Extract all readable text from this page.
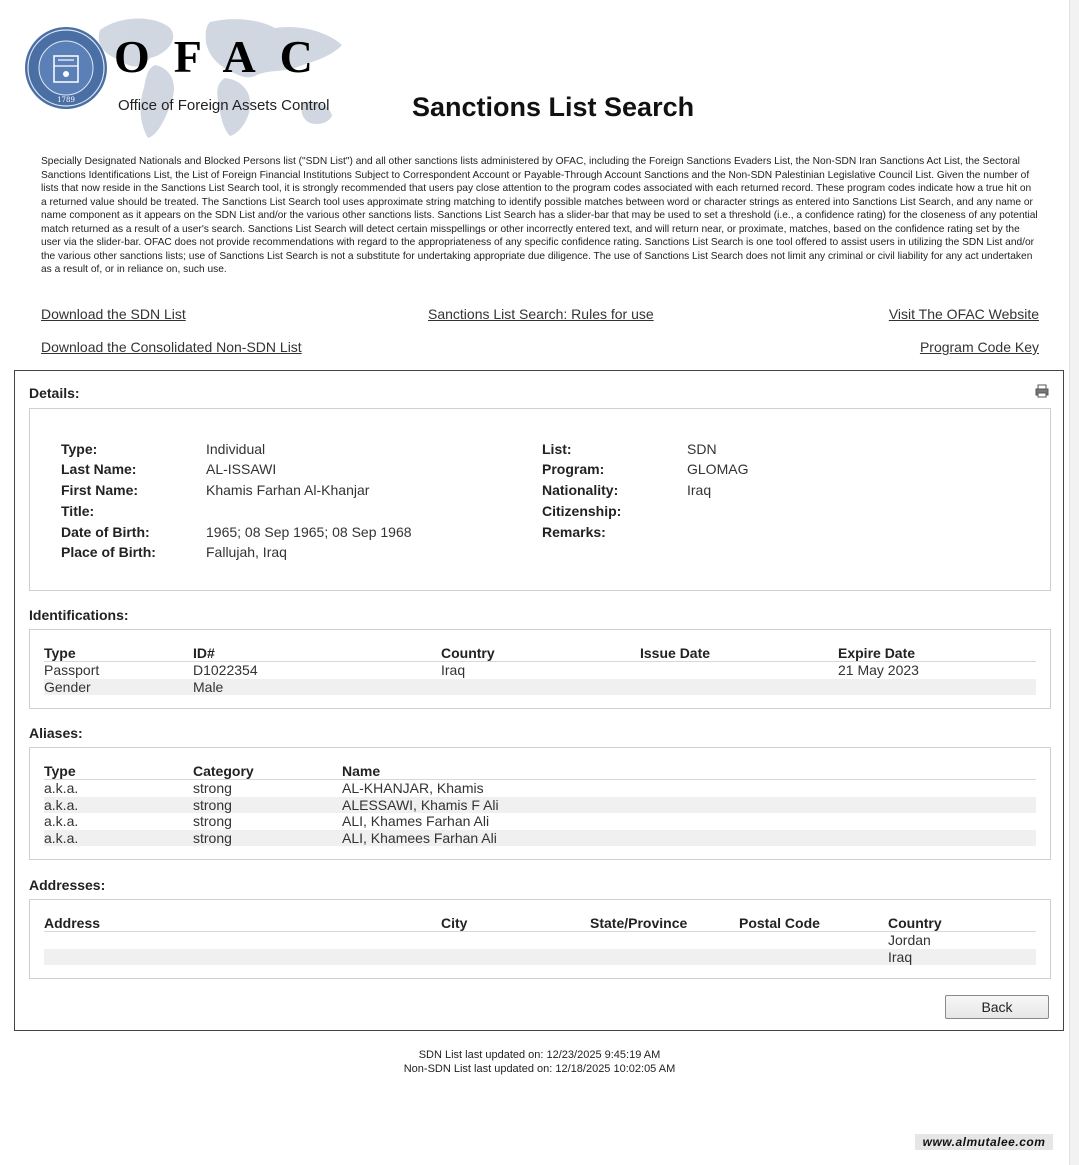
1789
OFAC
Office of Foreign Assets Control	Sanctions List Search
Specially Designated Nationals and Blocked Persons list ("SDN List") and all other sanctions lists administered by OFAC, including the Foreign Sanctions Evaders List, the Non-SDN Iran Sanctions Act List, the Sectoral Sanctions Identifications List, the List of Foreign Financial Institutions Subject to Correspondent Account or Payable-Through Account Sanctions and the Non-SDN Palestinian Legislative Council List. Given the number of lists that now reside in the Sanctions List Search tool, it is strongly recommended that users pay close attention to the program codes associated with each returned record. These program codes indicate how a true hit on a returned value should be treated. The Sanctions List Search tool uses approximate string matching to identify possible matches between word or character strings as entered into Sanctions List Search, and any name or name component as it appears on the SDN List and/or the various other sanctions lists. Sanctions List Search has a slider-bar that may be used to set a threshold (i.e., a confidence rating) for the closeness of any potential match returned as a result of a user's search. Sanctions List Search will detect certain misspellings or other incorrectly entered text, and will return near, or proximate, matches, based on the confidence rating set by the user via the slider-bar. OFAC does not provide recommendations with regard to the appropriateness of any specific confidence rating. Sanctions List Search is one tool offered to assist users in utilizing the SDN List and/or the various other sanctions lists; use of Sanctions List Search is not a substitute for undertaking appropriate due diligence. The use of Sanctions List Search does not limit any criminal or civil liability for any act undertaken as a result of, or in reliance on, such use.
Download the SDN List	Sanctions List Search: Rules for use	Visit The OFAC Website
Download the Consolidated Non-SDN List	Program Code Key
Details:
Type:	Individual
Last Name:	AL-ISSAWI
First Name:	Khamis Farhan Al-Khanjar
Title:
Date of Birth:	1965; 08 Sep 1965; 08 Sep 1968
Place of Birth:	Fallujah, Iraq
List:	SDN
Program:	GLOMAG
Nationality:	Iraq
Citizenship:
Remarks:
Identifications:
Type	ID#	Country	Issue Date	Expire Date
Passport	D1022354	Iraq		21 May 2023
Gender	Male			
Aliases:
Type	Category	Name
a.k.a.	strong	AL-KHANJAR, Khamis
a.k.a.	strong	ALESSAWI, Khamis F Ali
a.k.a.	strong	ALI, Khames Farhan Ali
a.k.a.	strong	ALI, Khamees Farhan Ali
Addresses:
Address	City	State/Province	Postal Code	Country
				Jordan
				Iraq
Back
SDN List last updated on: 12/23/2025 9:45:19 AM
Non-SDN List last updated on: 12/18/2025 10:02:05 AM
www.almutalee.com
